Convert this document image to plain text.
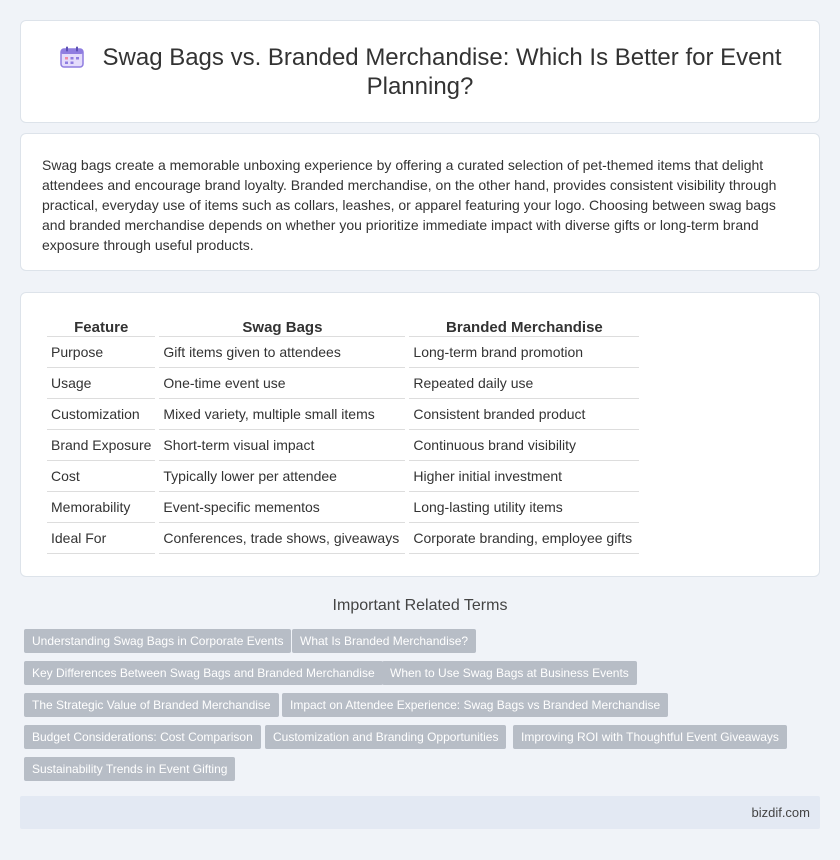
Swag Bags vs. Branded Merchandise: Which Is Better for Event Planning?

Swag bags create a memorable unboxing experience by offering a curated selection of pet-themed items that delight attendees and encourage brand loyalty. Branded merchandise, on the other hand, provides consistent visibility through practical, everyday use of items such as collars, leashes, or apparel featuring your logo. Choosing between swag bags and branded merchandise depends on whether you prioritize immediate impact with diverse gifts or long-term brand exposure through useful products.

Feature	Swag Bags	Branded Merchandise
Purpose	Gift items given to attendees	Long-term brand promotion
Usage	One-time event use	Repeated daily use
Customization	Mixed variety, multiple small items	Consistent branded product
Brand Exposure	Short-term visual impact	Continuous brand visibility
Cost	Typically lower per attendee	Higher initial investment
Memorability	Event-specific mementos	Long-lasting utility items
Ideal For	Conferences, trade shows, giveaways	Corporate branding, employee gifts
Important Related Terms
Understanding Swag Bags in Corporate Events	What Is Branded Merchandise?
Key Differences Between Swag Bags and Branded Merchandise	When to Use Swag Bags at Business Events
The Strategic Value of Branded Merchandise	Impact on Attendee Experience: Swag Bags vs Branded Merchandise
Budget Considerations: Cost Comparison	Customization and Branding Opportunities	Improving ROI with Thoughtful Event Giveaways
Sustainability Trends in Event Gifting
bizdif.com
